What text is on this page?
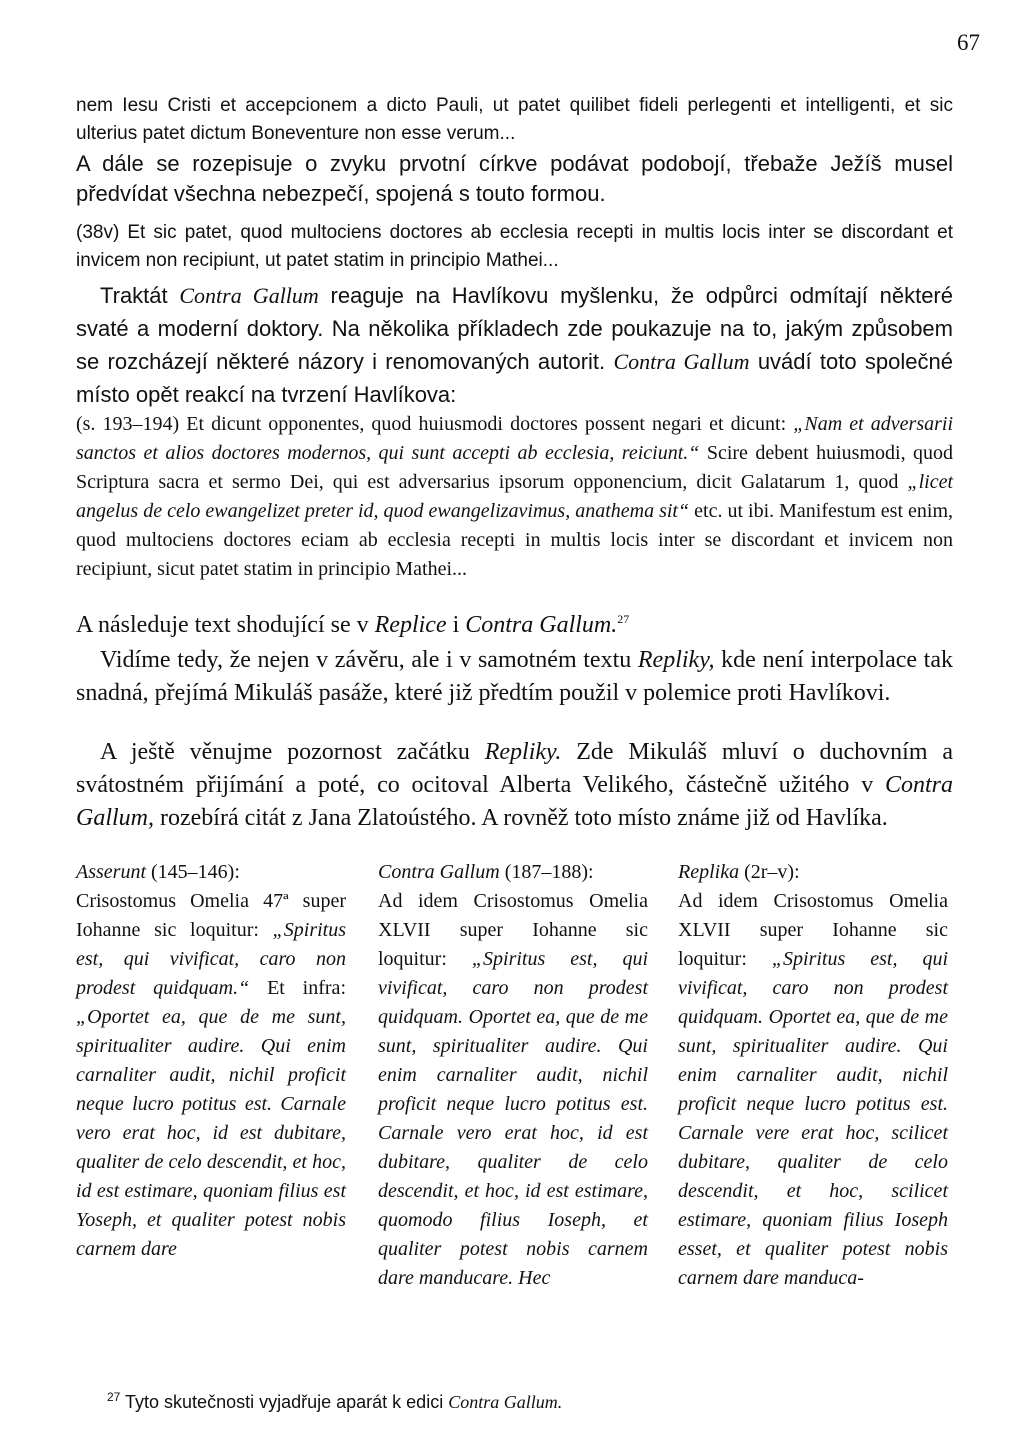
67

nem Iesu Cristi et accepcionem a dicto Pauli, ut patet quilibet fideli perlegenti et intelligenti, et sic ulterius patet dictum Boneventure non esse verum...

A dále se rozepisuje o zvyku prvotní církve podávat podobojí, třebaže Ježíš musel předvídat všechna nebezpečí, spojená s touto formou.

(38v) Et sic patet, quod multociens doctores ab ecclesia recepti in multis locis inter se discordant et invicem non recipiunt, ut patet statim in principio Mathei...

Traktát Contra Gallum reaguje na Havlíkovu myšlenku, že odpůrci odmítají některé svaté a moderní doktory. Na několika příkladech zde poukazuje na to, jakým způsobem se rozcházejí některé názory i renomovaných autorit. Contra Gallum uvádí toto společné místo opět reakcí na tvrzení Havlíkova:

(s. 193–194) Et dicunt opponentes, quod huiusmodi doctores possent negari et dicunt: „Nam et adversarii sanctos et alios doctores modernos, qui sunt accepti ab ecclesia, reiciunt.“ Scire debent huiusmodi, quod Scriptura sacra et sermo Dei, qui est adversarius ipsorum opponencium, dicit Galatarum 1, quod „licet angelus de celo ewangelizet preter id, quod ewangelizavimus, anathema sit“ etc. ut ibi. Manifestum est enim, quod multociens doctores eciam ab ecclesia recepti in multis locis inter se discordant et invicem non recipiunt, sicut patet statim in principio Mathei...

A následuje text shodující se v Replice i Contra Gallum.$^{27}$

Vidíme tedy, že nejen v závěru, ale i v samotném textu Repliky, kde není interpolace tak snadná, přejímá Mikuláš pasáže, které již předtím použil v polemice proti Havlíkovi.

A ještě věnujme pozornost začátku Repliky. Zde Mikuláš mluví o duchovním a svátostném přijímání a poté, co ocitoval Alberta Velikého, částečně užitého v Contra Gallum, rozebírá citát z Jana Zlatoústého. A rovněž toto místo známe již od Havlíka.

Asserunt (145–146):
Crisostomus Omelia 47ª super Iohanne sic loquitur: „Spiritus est, qui vivificat, caro non prodest quidquam.“ Et infra: „Oportet ea, que de me sunt, spiritualiter audire. Qui enim carnaliter audit, nichil proficit neque lucro potitus est. Carnale vero erat hoc, id est dubitare, qualiter de celo descendit, et hoc, id est estimare, quoniam filius est Yoseph, et qualiter potest nobis carnem dare
Contra Gallum (187–188):
Ad idem Crisostomus Omelia XLVII super Iohanne sic loquitur: „Spiritus est, qui vivificat, caro non prodest quidquam. Oportet ea, que de me sunt, spiritualiter audire. Qui enim carnaliter audit, nichil proficit neque lucro potitus est. Carnale vero erat hoc, id est dubitare, qualiter de celo descendit, et hoc, id est estimare, quomodo filius Ioseph, et qualiter potest nobis carnem dare manducare. Hec
Replika (2r–v):
Ad idem Crisostomus Omelia XLVII super Iohanne sic loquitur: „Spiritus est, qui vivificat, caro non prodest quidquam. Oportet ea, que de me sunt, spiritualiter audire. Qui enim carnaliter audit, nichil proficit neque lucro potitus est. Carnale vere erat hoc, scilicet dubitare, qualiter de celo descendit, et hoc, scilicet estimare, quoniam filius Ioseph esset, et qualiter potest nobis carnem dare manduca-
$^{27}$ Tyto skutečnosti vyjadřuje aparát k edici Contra Gallum.
